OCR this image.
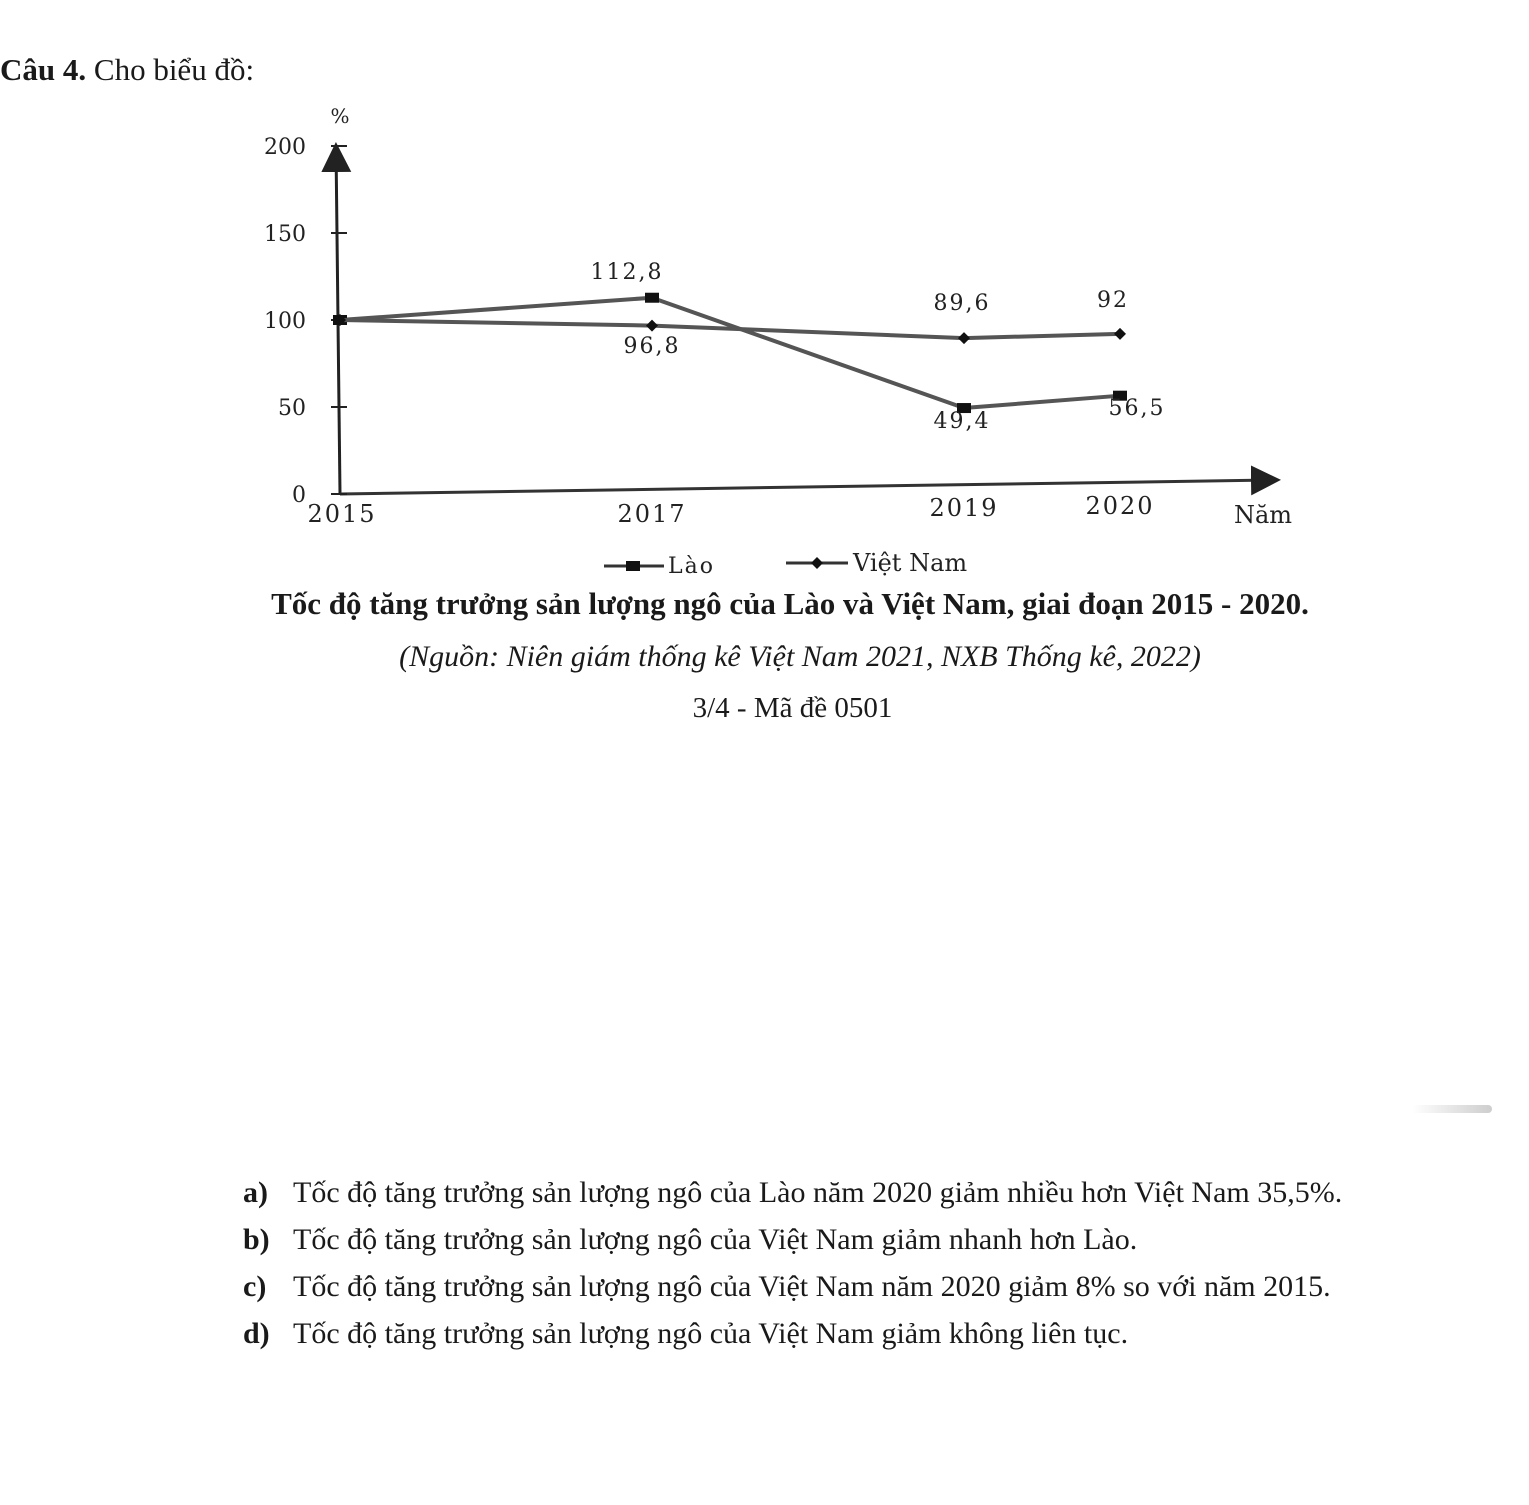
Câu 4. Cho biểu đồ:
%
Năm
0
50
100
150
200
2015	2017	2019	2020
112,8
49,4
56,5
96,8
89,6	92
Lào	Việt Nam
Tốc độ tăng trưởng sản lượng ngô của Lào và Việt Nam, giai đoạn 2015 - 2020.
(Nguồn: Niên giám thống kê Việt Nam 2021, NXB Thống kê, 2022)
3/4 - Mã đề 0501
a) Tốc độ tăng trưởng sản lượng ngô của Lào năm 2020 giảm nhiều hơn Việt Nam 35,5%.
b) Tốc độ tăng trưởng sản lượng ngô của Việt Nam giảm nhanh hơn Lào.
c) Tốc độ tăng trưởng sản lượng ngô của Việt Nam năm 2020 giảm 8% so với năm 2015.
d) Tốc độ tăng trưởng sản lượng ngô của Việt Nam giảm không liên tục.
